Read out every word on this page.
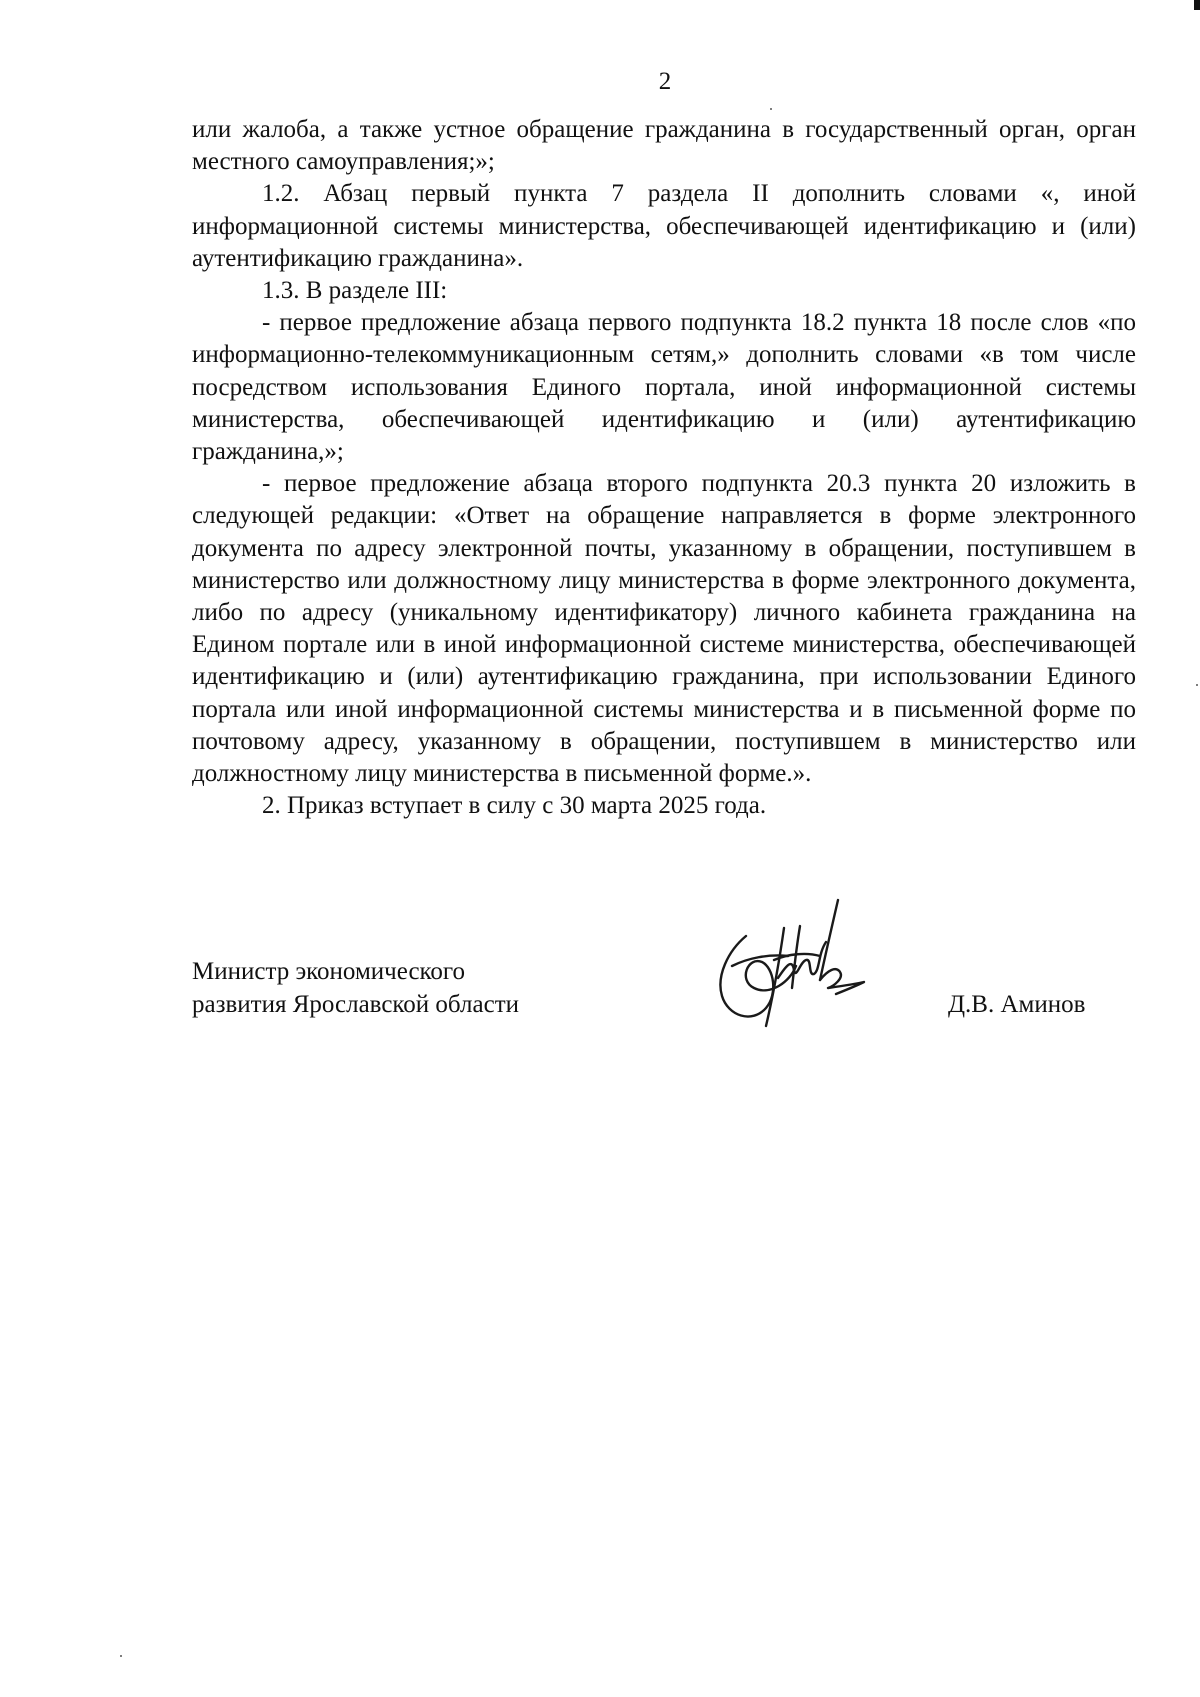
2

или жалоба, а также устное обращение гражданина в государственный орган, орган местного самоуправления;»;

1.2. Абзац первый пункта 7 раздела II дополнить словами «, иной информационной системы министерства, обеспечивающей идентификацию и (или) аутентификацию гражданина».

1.3. В разделе III:

- первое предложение абзаца первого подпункта 18.2 пункта 18 после слов «по информационно-телекоммуникационным сетям,» дополнить словами «в том числе посредством использования Единого портала, иной информационной системы министерства, обеспечивающей идентификацию и (или) аутентификацию гражданина,»;

- первое предложение абзаца второго подпункта 20.3 пункта 20 изложить в следующей редакции: «Ответ на обращение направляется в форме электронного документа по адресу электронной почты, указанному в обращении, поступившем в министерство или должностному лицу министерства в форме электронного документа, либо по адресу (уникальному идентификатору) личного кабинета гражданина на Едином портале или в иной информационной системе министерства, обеспечивающей идентификацию и (или) аутентификацию гражданина, при использовании Единого портала или иной информационной системы министерства и в письменной форме по почтовому адресу, указанному в обращении, поступившем в министерство или должностному лицу министерства в письменной форме.».

2. Приказ вступает в силу с 30 марта 2025 года.

Министр экономического
развития Ярославской области	Д.В. Аминов
